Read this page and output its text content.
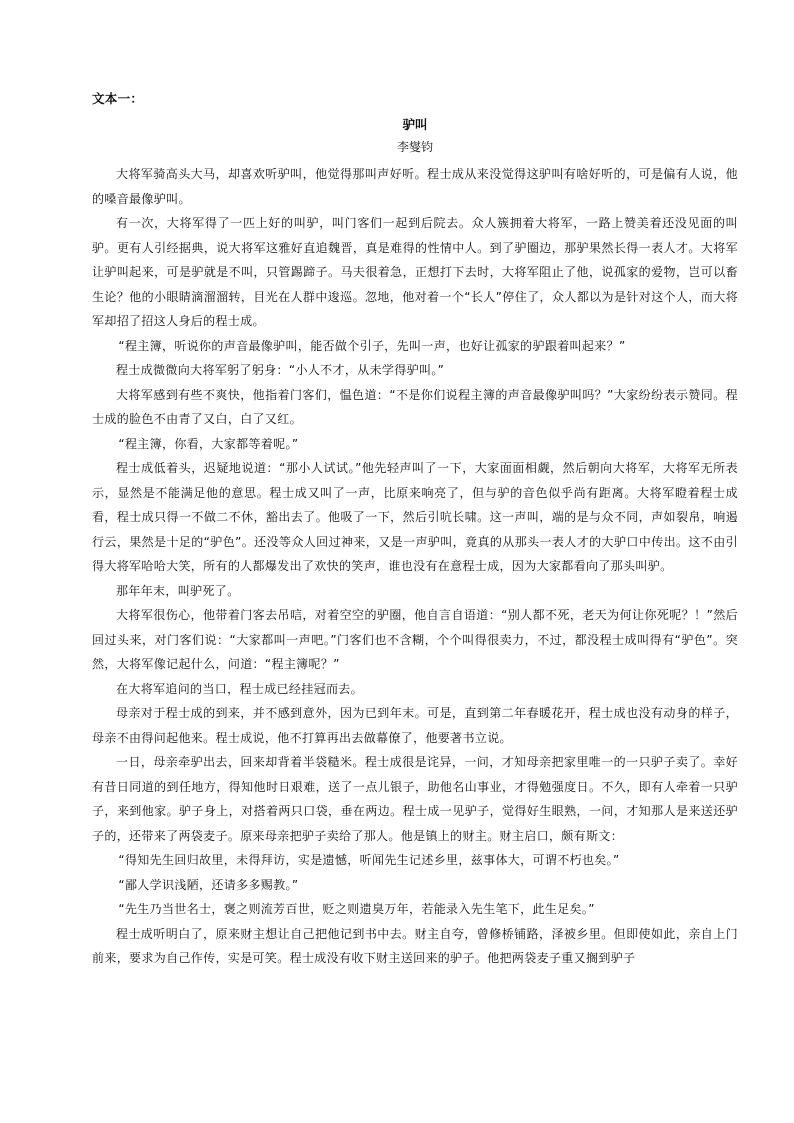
文本一：
驴叫
李燮钧

大将军骑高头大马，却喜欢听驴叫，他觉得那叫声好听。程士成从来没觉得这驴叫有啥好听的，可是偏有人说，他的嗓音最像驴叫。

有一次，大将军得了一匹上好的叫驴，叫门客们一起到后院去。众人簇拥着大将军，一路上赞美着还没见面的叫驴。更有人引经据典，说大将军这雅好直追魏晋，真是难得的性情中人。到了驴圈边，那驴果然长得一表人才。大将军让驴叫起来，可是驴就是不叫，只管踢蹄子。马夫很着急，正想打下去时，大将军阻止了他，说孤家的爱物，岂可以畜生论？他的小眼睛滴溜溜转，目光在人群中逡巡。忽地，他对着一个“长人”停住了，众人都以为是针对这个人，而大将军却招了招这人身后的程士成。

“程主簿，听说你的声音最像驴叫，能否做个引子，先叫一声，也好让孤家的驴跟着叫起来？”

程士成微微向大将军躬了躬身：“小人不才，从未学得驴叫。”

大将军感到有些不爽快，他指着门客们，愠色道：“不是你们说程主簿的声音最像驴叫吗？”大家纷纷表示赞同。程士成的脸色不由青了又白，白了又红。

“程主簿，你看，大家都等着呢。”

程士成低着头，迟疑地说道：“那小人试试。”他先轻声叫了一下，大家面面相觑，然后朝向大将军，大将军无所表示，显然是不能满足他的意思。程士成又叫了一声，比原来响亮了，但与驴的音色似乎尚有距离。大将军瞪着程士成看，程士成只得一不做二不休，豁出去了。他吸了一下，然后引吭长啸。这一声叫，端的是与众不同，声如裂帛，响遏行云，果然是十足的“驴色”。还没等众人回过神来，又是一声驴叫，竟真的从那头一表人才的大驴口中传出。这不由引得大将军哈哈大笑，所有的人都爆发出了欢快的笑声，谁也没有在意程士成，因为大家都看向了那头叫驴。

那年年末，叫驴死了。

大将军很伤心，他带着门客去吊唁，对着空空的驴圈，他自言自语道：“别人都不死，老天为何让你死呢？！”然后回过头来，对门客们说：“大家都叫一声吧。”门客们也不含糊，个个叫得很卖力，不过，都没程士成叫得有“驴色”。突然，大将军像记起什么，问道：“程主簿呢？”

在大将军追问的当口，程士成已经挂冠而去。

母亲对于程士成的到来，并不感到意外，因为已到年末。可是，直到第二年春暖花开，程士成也没有动身的样子，母亲不由得问起他来。程士成说，他不打算再出去做幕僚了，他要著书立说。

一日，母亲牵驴出去，回来却背着半袋糙米。程士成很是诧异，一问，才知母亲把家里唯一的一只驴子卖了。幸好有昔日同道的到任地方，得知他时日艰难，送了一点儿银子，助他名山事业，才得勉强度日。不久，即有人牵着一只驴子，来到他家。驴子身上，对搭着两只口袋，垂在两边。程士成一见驴子，觉得好生眼熟，一问，才知那人是来送还驴子的，还带来了两袋麦子。原来母亲把驴子卖给了那人。他是镇上的财主。财主启口，颇有斯文：

“得知先生回归故里，未得拜访，实是遗憾，听闻先生记述乡里，兹事体大，可谓不朽也矣。”

“鄙人学识浅陋，还请多多赐教。”

“先生乃当世名士，褒之则流芳百世，贬之则遗臭万年，若能录入先生笔下，此生足矣。”

程士成听明白了，原来财主想让自己把他记到书中去。财主自夸，曾修桥铺路，泽被乡里。但即使如此，亲自上门前来，要求为自己作传，实是可笑。程士成没有收下财主送回来的驴子。他把两袋麦子重又搁到驴子
